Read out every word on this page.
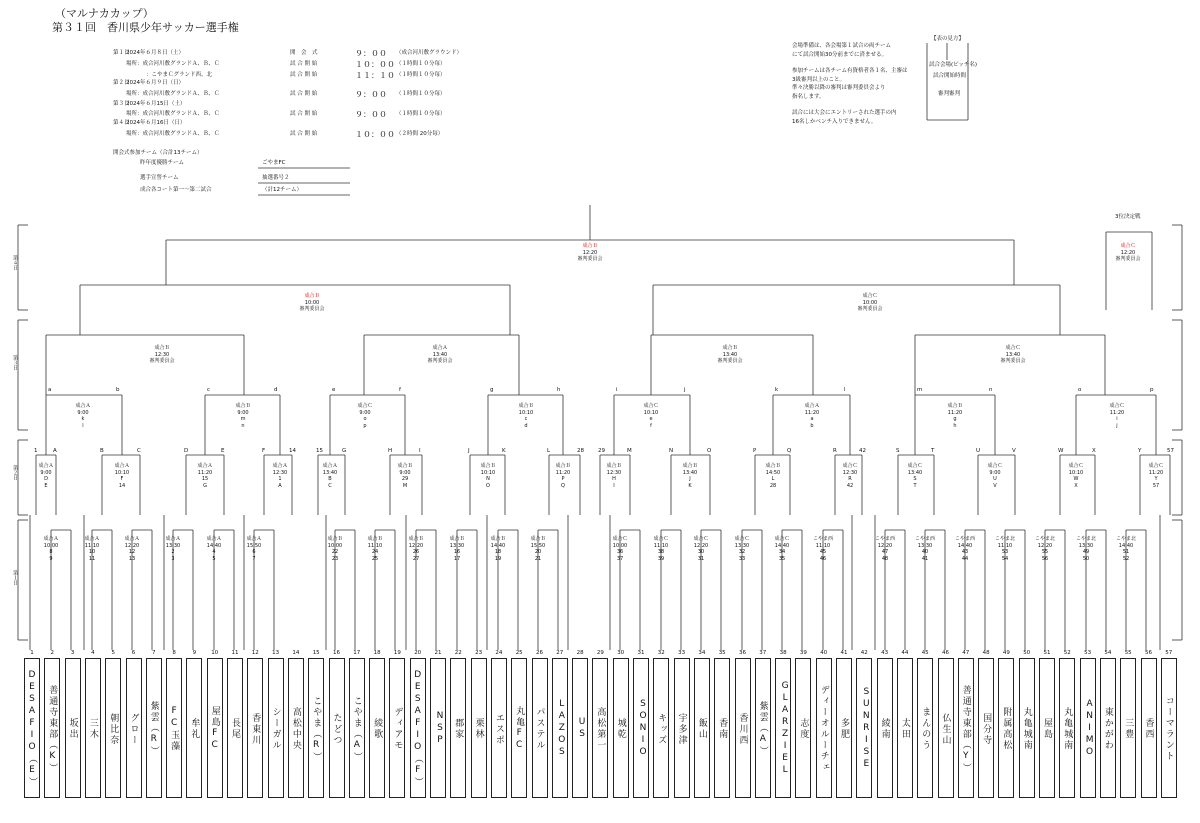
（マルナカカップ）
第３１回　香川県少年サッカー選手権
第１日
2024年６月８日（土）	開　会　式	９：００ （成合河川敷グラウンド）
場所：成合河川敷グランドＡ、Ｂ、Ｃ	試 合 開 始	１０：００ （１時間１０分毎）
：こやまＣグランド西、北	試 合 開 始	１１：１０ （１時間１０分毎）
第２日
2024年６月９日（日）
場所：成合河川敷グランドＡ、Ｂ、Ｃ	試 合 開 始	９：００ （１時間１０分毎）
第３日
2024年６月15日（土）
場所：成合河川敷グランドＡ、Ｂ、Ｃ	試 合 開 始	９：００ （１時間１０分毎）
第４日
2024年６月16日（日）
場所：成合河川敷グランドＡ、Ｂ、Ｃ	試 合 開 始	１０：００ （２時間 20分毎）
開会式参加チーム（合計13チーム）
昨年度優勝チーム	ごやまFC
選手宣誓チーム	抽選番号２
成合各コート第一～第二試合	（計12チーム）
会場準備は、各会場第１試合の両チーム
にて試合開始30分前までに済ませる。
参加チームは各チーム有資格者各１名、主審は
3級審判以上のこと。
準々決勝以降の審判は審判委員会より
指名します。
試合には大会にエントリーされた選手の内
16名しかベンチ入りできません。
【表の見方】
試合会場(ピッチ名)
試合開始時間
審判審判
3位決定戦
第４日
第３日
第２日
第１日
1
DESAFIO（E）
2
善通寺東部（K）
3
坂出
4
三木
5
朝比奈
6
グロー
7
紫雲（R）
8
FC玉藻
9
牟礼
10
屋島FC
11
長尾
12
香東川
13
シーガル
14
高松中央
15
こやま（R）
16
たどつ
17
こやま（A）
18
綾歌
19
ディアモ
20
DESAFIO（F）
21
NSP
22
郡家
23
栗林
24
エスポ
25
丸亀FC
26
パステル
27
LAZOS
28
US
29
高松第一
30
城乾
31
SONIO
32
キッズ
33
宇多津
34
飯山
35
香南
36
香川西
37
紫雲（A）
38
GLARZIEL
39
志度
40
ディーオルーチェ
41
多肥
42
SUNRISE
43
綾南
44
太田
45
まんのう
46
仏生山
47
善通寺東部（Y）
48
国分寺
49
附属高松
50
丸亀城南
51
屋島
52
丸亀城南
53
ANIMO
54
東かがわ
55
三豊
56
香西
57
コーマラント
成合Ｂ
12:20
審判委員会
成合Ｃ
12:20
審判委員会
成合Ｂ
10:00
審判委員会
成合Ｃ
10:00
審判委員会
成合Ｂ
12:30
審判委員会
成合Ａ
13:40
審判委員会
成合Ｂ
13:40
審判委員会
成合Ｃ
13:40
審判委員会
a	b
成合Ａ
9:00
k
l
c	d
成合Ｂ
9:00
m
n
e	f
成合Ｃ
9:00
o
p
g	h
成合Ｂ
10:10
c
d
i	j
成合Ｃ
10:10
e
f
k	l
成合Ａ
11:20
a
b
m	n
成合Ｂ
11:20
g
h
o	p
成合Ｃ
11:20
i
j
1	A
成合Ａ
9:00
D
E
B	C
成合Ａ
10:10
F
14
D	E
成合Ａ
11:20
15
G
F	14
成合Ａ
12:30
1
A
15	G
成合Ａ
13:40
B
C
H	I
成合Ｂ
9:00
29
M
J	K
成合Ｂ
10:10
N
O
L	28
成合Ｂ
11:20
P
Q
29	M
成合Ｂ
12:30
H
I
N	O
成合Ｂ
13:40
J
K
P	Q
成合Ｂ
14:50
L
28
R	42
成合Ｃ
12:30
R
42
S	T
成合Ｃ
13:40
S
T
U	V
成合Ｃ
9:00
U
V
W	X
成合Ｃ
10:10
W
X
Y	57
成合Ｃ
11:20
Y
57
成合Ａ
10:00
8
9
成合Ａ
11:10
10
11
成合Ａ
12:20
12
13
成合Ａ
13:30
2
3
成合Ａ
14:40
4
5
成合Ａ
15:50
6
7
成合Ｂ
10:00
22
23
成合Ｂ
11:10
24
25
成合Ｂ
12:20
26
27
成合Ｂ
13:30
16
17
成合Ｂ
14:40
18
19
成合Ｂ
15:50
20
21
成合Ｃ
10:00
36
37
成合Ｃ
11:10
38
39
成合Ｃ
12:20
30
31
成合Ｃ
13:30
32
33
成合Ｃ
14:40
34
35
こやま西
11:10
45
46
こやま西
12:20
47
48
こやま西
13:30
40
41
こやま西
14:40
43
44
こやま北
11:10
53
54
こやま北
12:20
55
56
こやま北
13:30
49
50
こやま北
14:40
51
52
